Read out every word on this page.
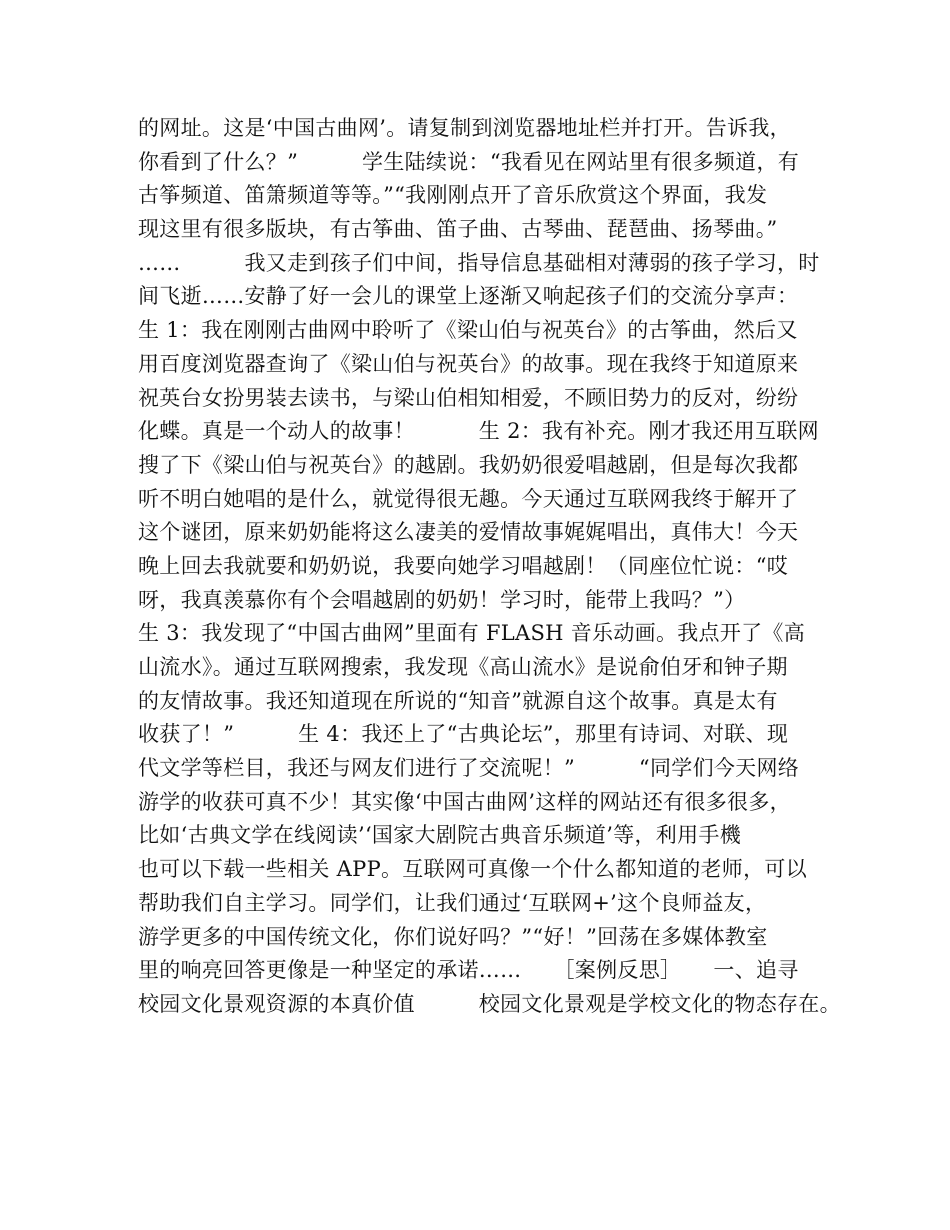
的网址。这是‘中国古曲网’。请复制到浏览器地址栏并打开。告诉我，
你看到了什么？”　　　学生陆续说：“我看见在网站里有很多频道，有
古筝频道、笛箫频道等等。”“我刚刚点开了音乐欣赏这个界面，我发
现这里有很多版块，有古筝曲、笛子曲、古琴曲、琵琶曲、扬琴曲。”
……　　　我又走到孩子们中间，指导信息基础相对薄弱的孩子学习，时
间飞逝……安静了好一会儿的课堂上逐渐又响起孩子们的交流分享声：
生 1：我在刚刚古曲网中聆听了《梁山伯与祝英台》的古筝曲，然后又
用百度浏览器查询了《梁山伯与祝英台》的故事。现在我终于知道原来
祝英台女扮男装去读书，与梁山伯相知相爱，不顾旧势力的反对，纷纷
化蝶。真是一个动人的故事！　　　生 2：我有补充。刚才我还用互联网
搜了下《梁山伯与祝英台》的越剧。我奶奶很爱唱越剧，但是每次我都
听不明白她唱的是什么，就觉得很无趣。今天通过互联网我终于解开了
这个谜团，原来奶奶能将这么凄美的爱情故事娓娓唱出，真伟大！今天
晚上回去我就要和奶奶说，我要向她学习唱越剧！（同座位忙说：“哎
呀，我真羡慕你有个会唱越剧的奶奶！学习时，能带上我吗？”）
生 3：我发现了“中国古曲网”里面有 FLASH 音乐动画。我点开了《高
山流水》。通过互联网搜索，我发现《高山流水》是说俞伯牙和钟子期
的友情故事。我还知道现在所说的“知音”就源自这个故事。真是太有
收获了！”　　　生 4：我还上了“古典论坛”，那里有诗词、对联、现
代文学等栏目，我还与网友们进行了交流呢！”　　　“同学们今天网络
游学的收获可真不少！其实像‘中国古曲网’这样的网站还有很多很多，
比如‘古典文学在线阅读’‘国家大剧院古典音乐频道’等，利用手機
也可以下载一些相关 APP。互联网可真像一个什么都知道的老师，可以
帮助我们自主学习。同学们，让我们通过‘互联网+’这个良师益友，
游学更多的中国传统文化，你们说好吗？”“好！”回荡在多媒体教室
里的响亮回答更像是一种坚定的承诺……　　［案例反思］　　一、追寻
校园文化景观资源的本真价值　　　校园文化景观是学校文化的物态存在。
